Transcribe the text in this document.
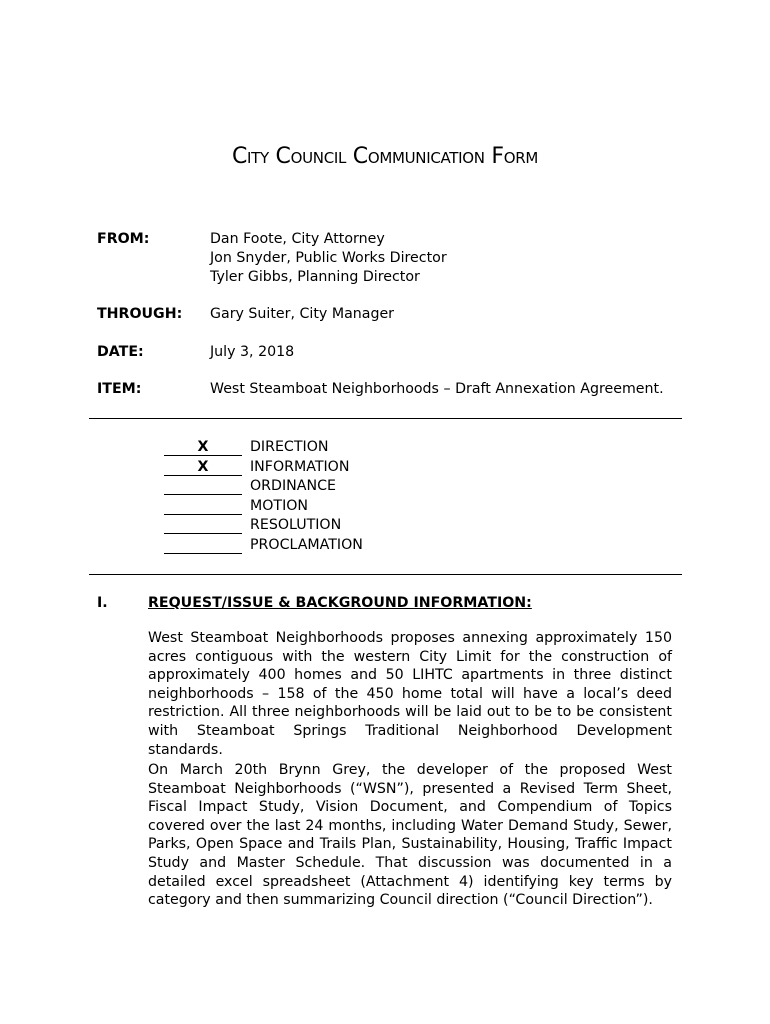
City Council Communication Form
FROM:	Dan Foote, City Attorney
Jon Snyder, Public Works Director
Tyler Gibbs, Planning Director
THROUGH: Gary Suiter, City Manager
DATE:	July 3, 2018
ITEM:	West Steamboat Neighborhoods – Draft Annexation Agreement.
X	DIRECTION
X	INFORMATION
ORDINANCE
MOTION
RESOLUTION
PROCLAMATION
I.	REQUEST/ISSUE & BACKGROUND INFORMATION:
West Steamboat Neighborhoods proposes annexing approximately 150 acres contiguous with the western City Limit for the construction of approximately 400 homes and 50 LIHTC apartments in three distinct neighborhoods – 158 of the 450 home total will have a local’s deed restriction. All three neighborhoods will be laid out to be to be consistent with Steamboat Springs Traditional Neighborhood Development standards.
On March 20th Brynn Grey, the developer of the proposed West Steamboat Neighborhoods (“WSN”), presented a Revised Term Sheet, Fiscal Impact Study, Vision Document, and Compendium of Topics covered over the last 24 months, including Water Demand Study, Sewer, Parks, Open Space and Trails Plan, Sustainability, Housing, Traffic Impact Study and Master Schedule. That discussion was documented in a detailed excel spreadsheet (Attachment 4) identifying key terms by category and then summarizing Council direction (“Council Direction”).
